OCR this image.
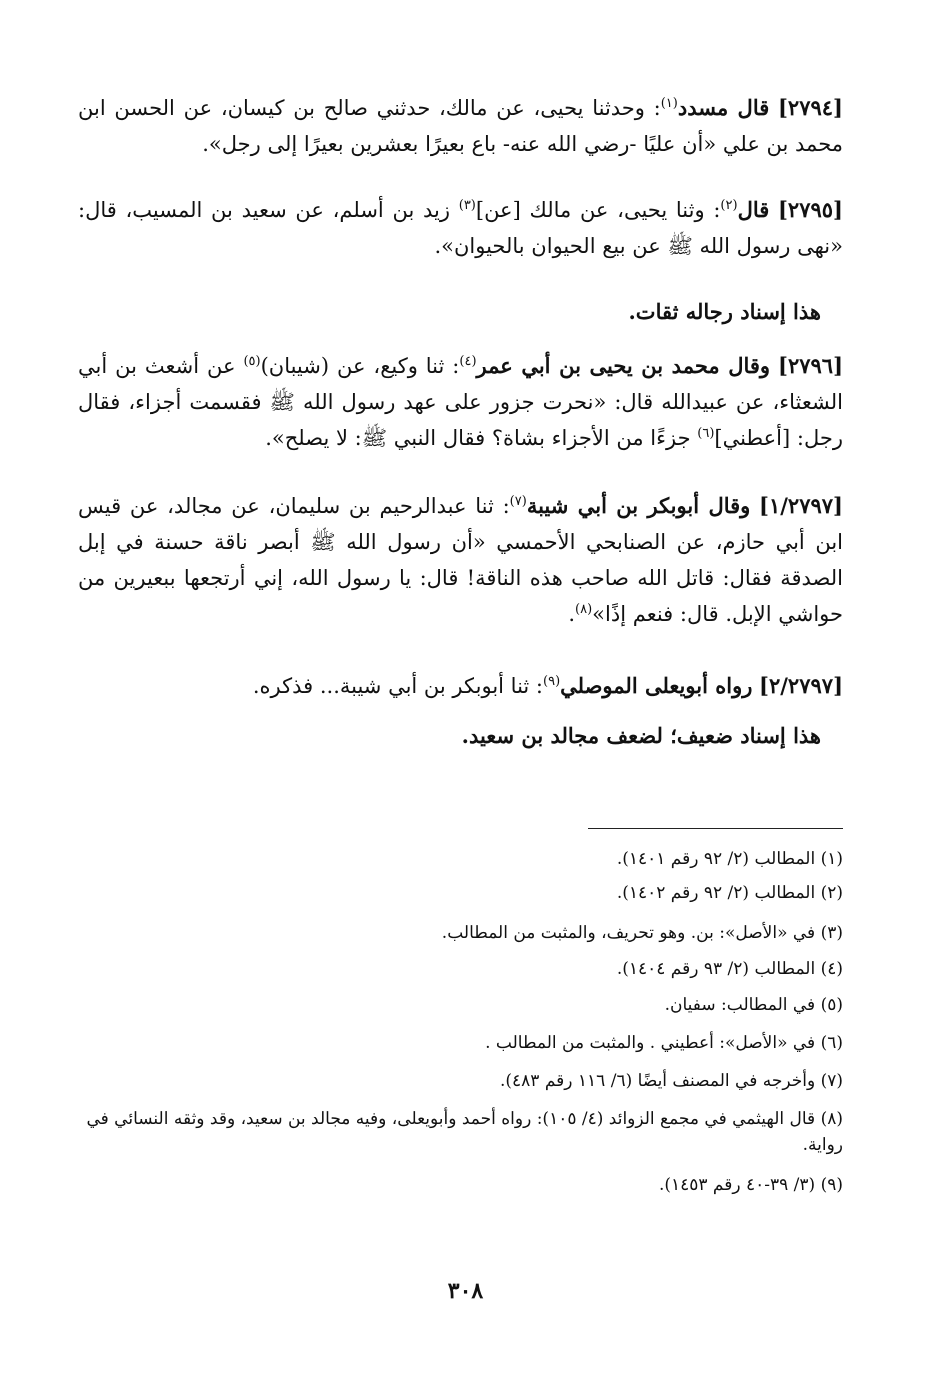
[٢٧٩٤] قال مسدد$^{(١)}$: وحدثنا يحيى، عن مالك، حدثني صالح بن كيسان، عن الحسن ابن محمد بن علي «أن عليًا -رضي الله عنه- باع بعيرًا بعشرين بعيرًا إلى رجل».

[٢٧٩٥] قال$^{(٢)}$: وثنا يحيى، عن مالك [عن]$^{(٣)}$ زيد بن أسلم، عن سعيد بن المسيب، قال: «نهى رسول الله ﷺ عن بيع الحيوان بالحيوان».

هذا إسناد رجاله ثقات.

[٢٧٩٦] وقال محمد بن يحيى بن أبي عمر$^{(٤)}$: ثنا وكيع، عن (شيبان)$^{(٥)}$ عن أشعث بن أبي الشعثاء، عن عبيدالله قال: «نحرت جزور على عهد رسول الله ﷺ فقسمت أجزاء، فقال رجل: [أعطني]$^{(٦)}$ جزءًا من الأجزاء بشاة؟ فقال النبي ﷺ: لا يصلح».

[١/٢٧٩٧] وقال أبوبكر بن أبي شيبة$^{(٧)}$: ثنا عبدالرحيم بن سليمان، عن مجالد، عن قيس ابن أبي حازم، عن الصنابحي الأحمسي «أن رسول الله ﷺ أبصر ناقة حسنة في إبل الصدقة فقال: قاتل الله صاحب هذه الناقة! قال: يا رسول الله، إني أرتجعها ببعيرين من حواشي الإبل. قال: فنعم إذًا»$^{(٨)}$.

[٢/٢٧٩٧] رواه أبويعلى الموصلي$^{(٩)}$: ثنا أبوبكر بن أبي شيبة... فذكره.

هذا إسناد ضعيف؛ لضعف مجالد بن سعيد.

(١) المطالب (٢/ ٩٢ رقم ١٤٠١).
(٢) المطالب (٢/ ٩٢ رقم ١٤٠٢).
(٣) في «الأصل»: بن. وهو تحريف، والمثبت من المطالب.
(٤) المطالب (٢/ ٩٣ رقم ١٤٠٤).
(٥) في المطالب: سفيان.
(٦) في «الأصل»: أعطيني . والمثبت من المطالب .
(٧) وأخرجه في المصنف أيضًا (٦/ ١١٦ رقم ٤٨٣).
(٨) قال الهيثمي في مجمع الزوائد (٤/ ١٠٥): رواه أحمد وأبويعلى، وفيه مجالد بن سعيد، وقد وثقه النسائي في رواية.
(٩) (٣/ ٣٩-٤٠ رقم ١٤٥٣).
٣٠٨
